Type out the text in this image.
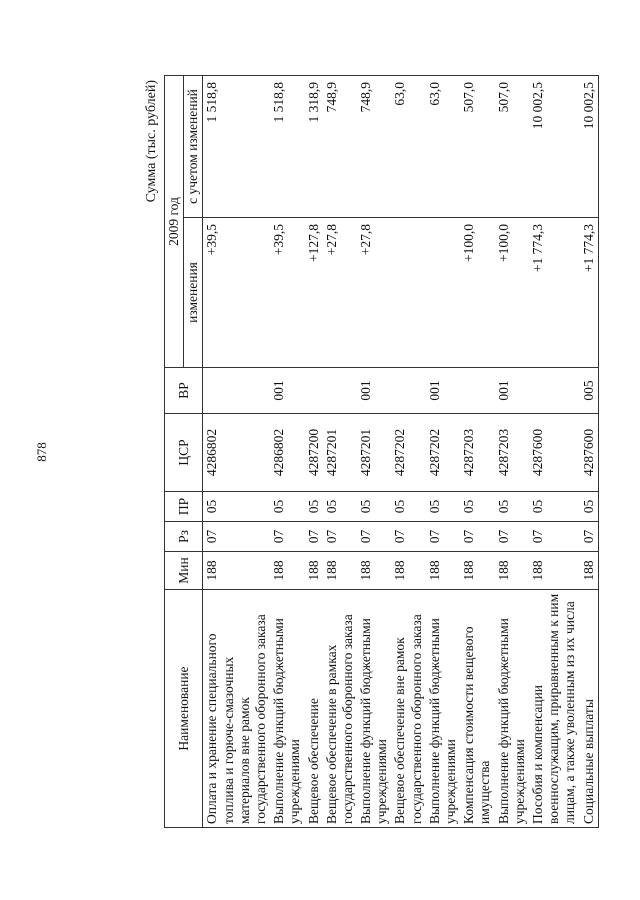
878
Сумма (тыс. рублей)
Наименование	Мин	Рз	ПР	ЦСР	ВР	2009 год	
						изменения	с учетом изменений
Оплата и хранение специального топлива и горюче-смазочных материалов вне рамок государственного оборонного заказа	188	07	05	4286802		+39,5	1 518,8
Выполнение функций бюджетными учреждениями	188	07	05	4286802	001	+39,5	1 518,8
Вещевое обеспечение	188	07	05	4287200		+127,8	1 318,9
Вещевое обеспечение в рамках государственного оборонного заказа	188	07	05	4287201		+27,8	748,9
Выполнение функций бюджетными учреждениями	188	07	05	4287201	001	+27,8	748,9
Вещевое обеспечение вне рамок государственного оборонного заказа	188	07	05	4287202			63,0
Выполнение функций бюджетными учреждениями	188	07	05	4287202	001		63,0
Компенсация стоимости вещевого имущества	188	07	05	4287203		+100,0	507,0
Выполнение функций бюджетными учреждениями	188	07	05	4287203	001	+100,0	507,0
Пособия и компенсации военнослужащим, приравненным к ним лицам, а также уволенным из их числа	188	07	05	4287600		+1 774,3	10 002,5
Социальные выплаты	188	07	05	4287600	005	+1 774,3	10 002,5
